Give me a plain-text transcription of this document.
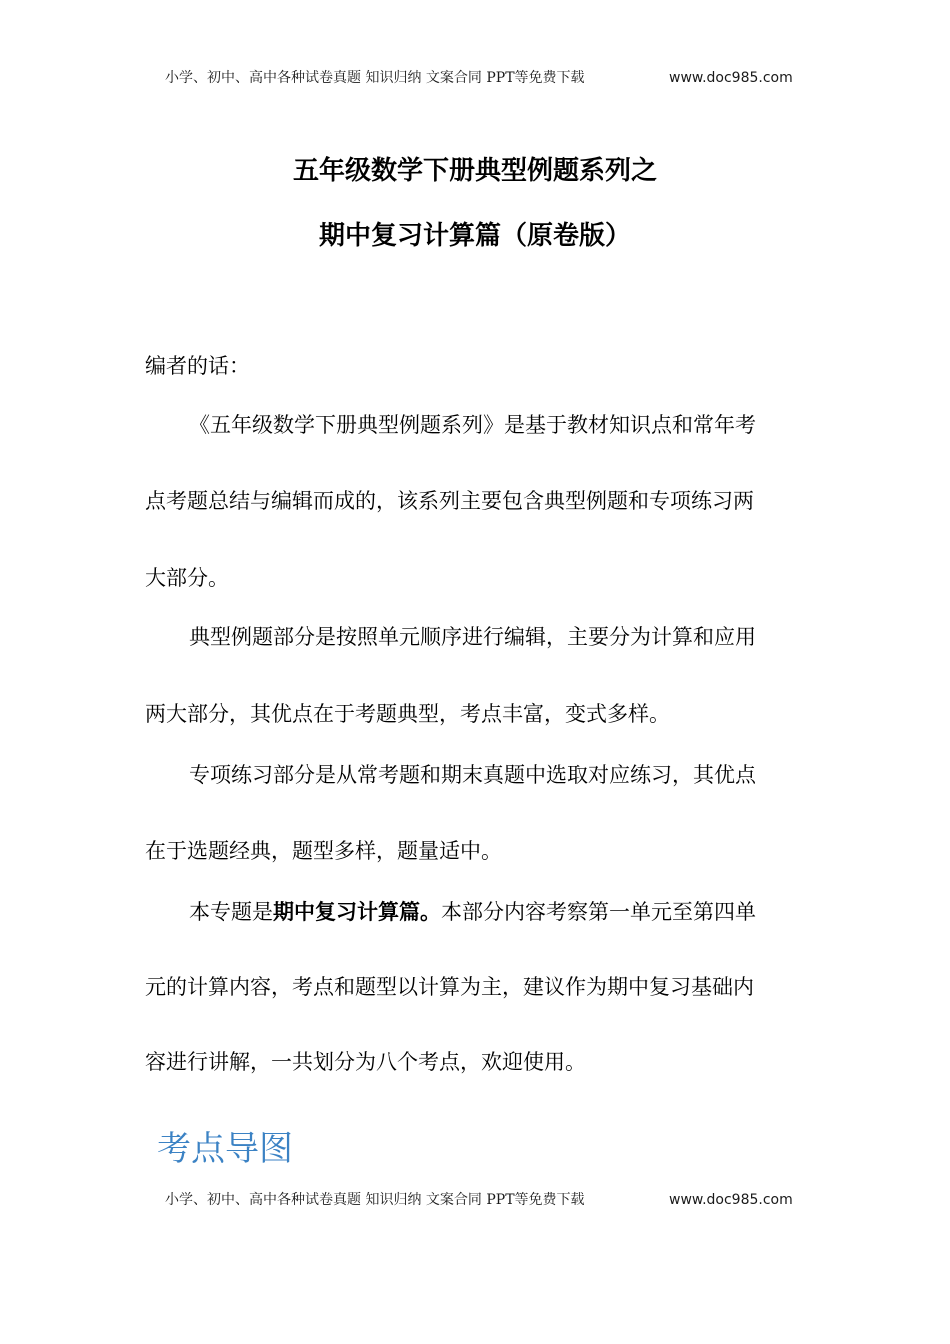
小学、初中、高中各种试卷真题 知识归纳 文案合同 PPT等免费下载	www.doc985.com
五年级数学下册典型例题系列之
期中复习计算篇（原卷版）
编者的话：
《五年级数学下册典型例题系列》是基于教材知识点和常年考
点考题总结与编辑而成的，该系列主要包含典型例题和专项练习两
大部分。
典型例题部分是按照单元顺序进行编辑，主要分为计算和应用
两大部分，其优点在于考题典型，考点丰富，变式多样。
专项练习部分是从常考题和期末真题中选取对应练习，其优点
在于选题经典，题型多样，题量适中。
本专题是期中复习计算篇。本部分内容考察第一单元至第四单
元的计算内容，考点和题型以计算为主，建议作为期中复习基础内
容进行讲解，一共划分为八个考点，欢迎使用。
考点导图
小学、初中、高中各种试卷真题 知识归纳 文案合同 PPT等免费下载	www.doc985.com
